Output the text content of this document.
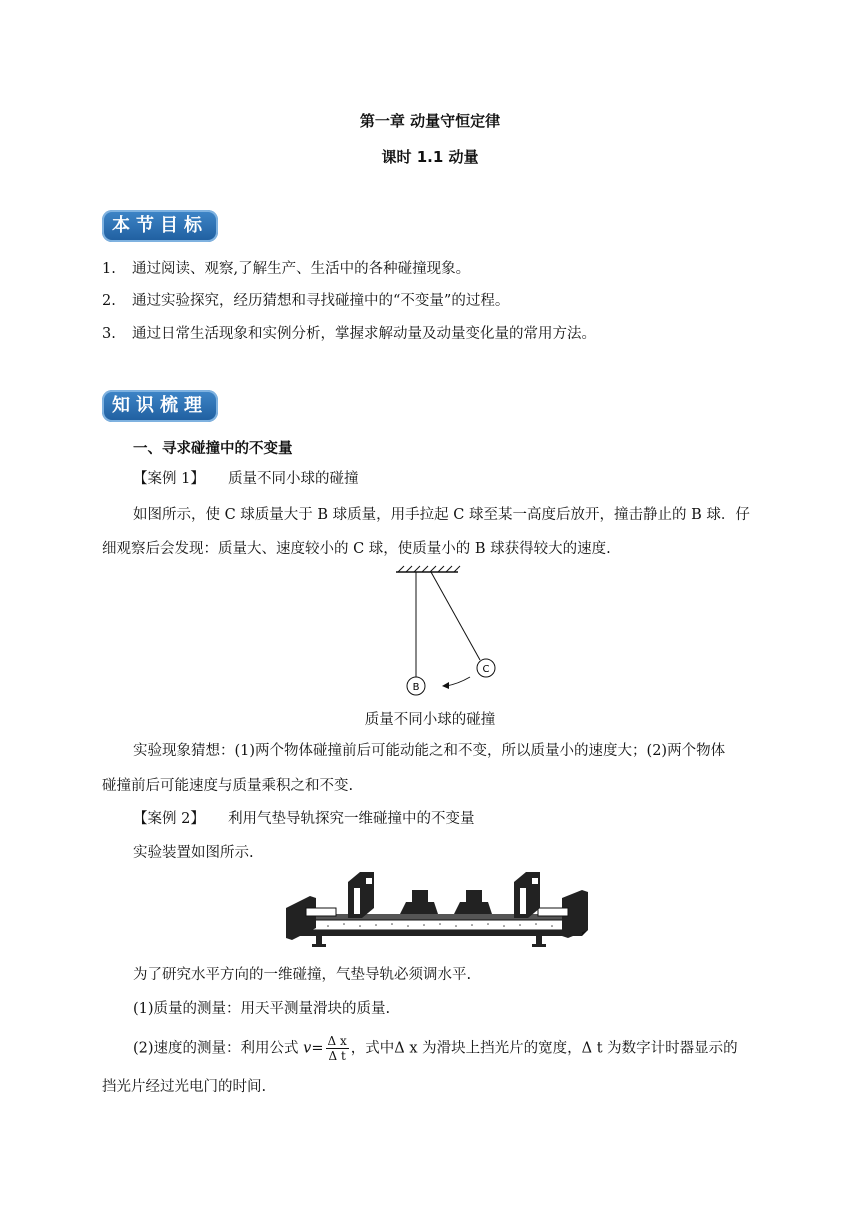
第一章 动量守恒定律
课时 1.1 动量
本节目标
1. 通过阅读、观察,了解生产、生活中的各种碰撞现象。
2. 通过实验探究，经历猜想和寻找碰撞中的“不变量”的过程。
3. 通过日常生活现象和实例分析，掌握求解动量及动量变化量的常用方法。
知识梳理
一、寻求碰撞中的不变量
【案例 1】 质量不同小球的碰撞
如图所示，使 C 球质量大于 B 球质量，用手拉起 C 球至某一高度后放开，撞击静止的 B 球．仔
细观察后会发现：质量大、速度较小的 C 球，使质量小的 B 球获得较大的速度.
B
C
质量不同小球的碰撞
实验现象猜想：(1)两个物体碰撞前后可能动能之和不变，所以质量小的速度大；(2)两个物体
碰撞前后可能速度与质量乘积之和不变.
【案例 2】 利用气垫导轨探究一维碰撞中的不变量
实验装置如图所示.
为了研究水平方向的一维碰撞，气垫导轨必须调水平.
(1)质量的测量：用天平测量滑块的质量.
(2)速度的测量：利用公式 $v= \frac{\text{Δ x}}{\text{Δ t}}$ ，式中Δ x 为滑块上挡光片的宽度，Δ t 为数字计时器显示的
挡光片经过光电门的时间.
